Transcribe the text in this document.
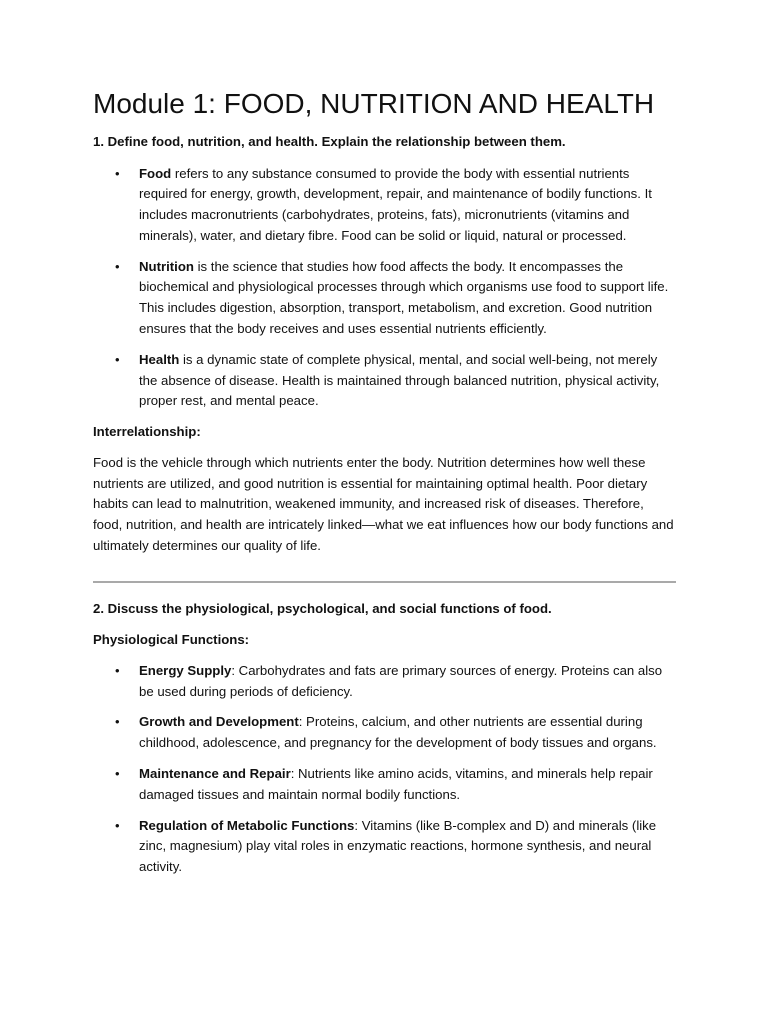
Module 1: FOOD, NUTRITION AND HEALTH
1. Define food, nutrition, and health. Explain the relationship between them.
• Food refers to any substance consumed to provide the body with essential nutrients required for energy, growth, development, repair, and maintenance of bodily functions. It includes macronutrients (carbohydrates, proteins, fats), micronutrients (vitamins and minerals), water, and dietary fibre. Food can be solid or liquid, natural or processed.
• Nutrition is the science that studies how food affects the body. It encompasses the biochemical and physiological processes through which organisms use food to support life. This includes digestion, absorption, transport, metabolism, and excretion. Good nutrition ensures that the body receives and uses essential nutrients efficiently.
• Health is a dynamic state of complete physical, mental, and social well-being, not merely the absence of disease. Health is maintained through balanced nutrition, physical activity, proper rest, and mental peace.
Interrelationship:

Food is the vehicle through which nutrients enter the body. Nutrition determines how well these nutrients are utilized, and good nutrition is essential for maintaining optimal health. Poor dietary habits can lead to malnutrition, weakened immunity, and increased risk of diseases. Therefore, food, nutrition, and health are intricately linked—what we eat influences how our body functions and ultimately determines our quality of life.

2. Discuss the physiological, psychological, and social functions of food.
Physiological Functions:
• Energy Supply: Carbohydrates and fats are primary sources of energy. Proteins can also be used during periods of deficiency.
• Growth and Development: Proteins, calcium, and other nutrients are essential during childhood, adolescence, and pregnancy for the development of body tissues and organs.
• Maintenance and Repair: Nutrients like amino acids, vitamins, and minerals help repair damaged tissues and maintain normal bodily functions.
• Regulation of Metabolic Functions: Vitamins (like B-complex and D) and minerals (like zinc, magnesium) play vital roles in enzymatic reactions, hormone synthesis, and neural activity.
